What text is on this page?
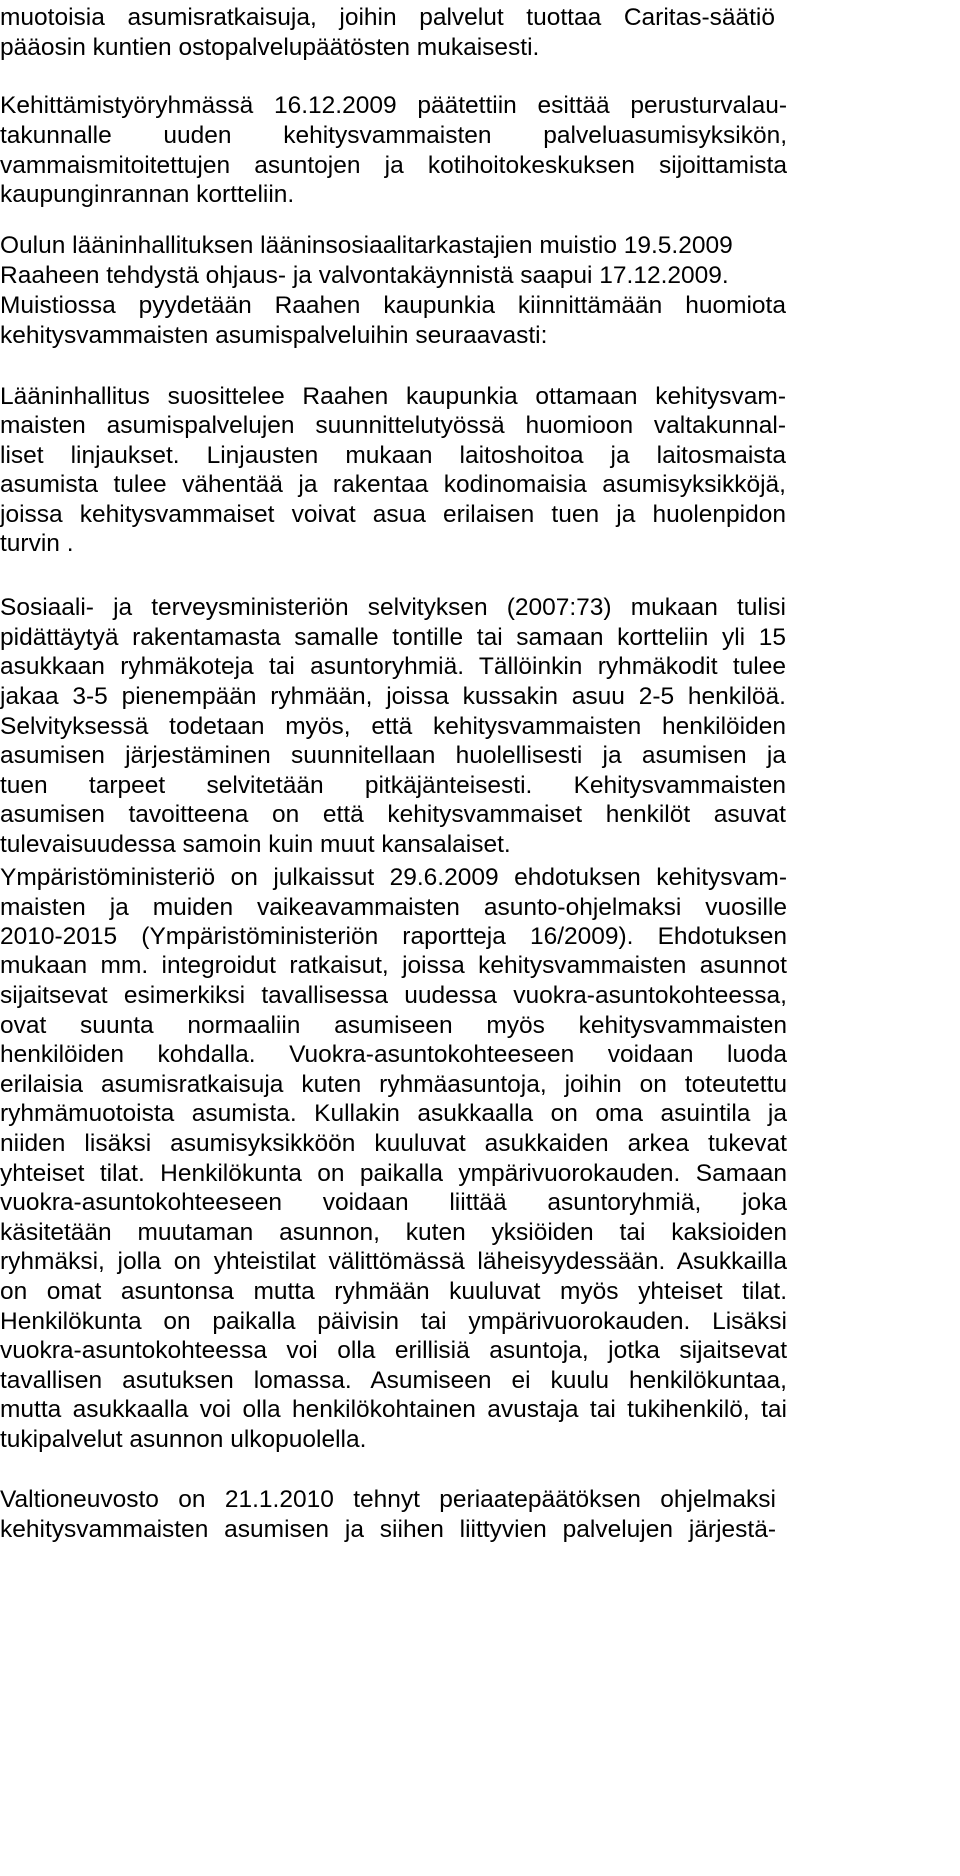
muotoisia asumisratkaisuja, joihin palvelut tuottaa Caritas-säätiö
pääosin kuntien ostopalvelupäätösten mukaisesti.
Kehittämistyöryhmässä 16.12.2009 päätettiin esittää perusturvalau-
takunnalle uuden kehitysvammaisten palveluasumisyksikön,
vammaismitoitettujen asuntojen ja kotihoitokeskuksen sijoittamista
kaupunginrannan kortteliin.
Oulun lääninhallituksen lääninsosiaalitarkastajien muistio 19.5.2009
Raaheen tehdystä ohjaus- ja valvontakäynnistä saapui 17.12.2009.
Muistiossa pyydetään Raahen kaupunkia kiinnittämään huomiota
kehitysvammaisten asumispalveluihin seuraavasti:
Lääninhallitus suosittelee Raahen kaupunkia ottamaan kehitysvam-
maisten asumispalvelujen suunnittelutyössä huomioon valtakunnal-
liset linjaukset. Linjausten mukaan laitoshoitoa ja laitosmaista
asumista tulee vähentää ja rakentaa kodinomaisia asumisyksikköjä,
joissa kehitysvammaiset voivat asua erilaisen tuen ja huolenpidon
turvin .
Sosiaali- ja terveysministeriön selvityksen (2007:73) mukaan tulisi
pidättäytyä rakentamasta samalle tontille tai samaan kortteliin yli 15
asukkaan ryhmäkoteja tai asuntoryhmiä. Tällöinkin ryhmäkodit tulee
jakaa 3-5 pienempään ryhmään, joissa kussakin asuu 2-5 henkilöä.
Selvityksessä todetaan myös, että kehitysvammaisten henkilöiden
asumisen järjestäminen suunnitellaan huolellisesti ja asumisen ja
tuen tarpeet selvitetään pitkäjänteisesti. Kehitysvammaisten
asumisen tavoitteena on että kehitysvammaiset henkilöt asuvat
tulevaisuudessa samoin kuin muut kansalaiset.
Ympäristöministeriö on julkaissut 29.6.2009 ehdotuksen kehitysvam-
maisten ja muiden vaikeavammaisten asunto-ohjelmaksi vuosille
2010-2015 (Ympäristöministeriön raportteja 16/2009). Ehdotuksen
mukaan mm. integroidut ratkaisut, joissa kehitysvammaisten asunnot
sijaitsevat esimerkiksi tavallisessa uudessa vuokra-asuntokohteessa,
ovat suunta normaaliin asumiseen myös kehitysvammaisten
henkilöiden kohdalla. Vuokra-asuntokohteeseen voidaan luoda
erilaisia asumisratkaisuja kuten ryhmäasuntoja, joihin on toteutettu
ryhmämuotoista asumista. Kullakin asukkaalla on oma asuintila ja
niiden lisäksi asumisyksikköön kuuluvat asukkaiden arkea tukevat
yhteiset tilat. Henkilökunta on paikalla ympärivuorokauden. Samaan
vuokra-asuntokohteeseen voidaan liittää asuntoryhmiä, joka
käsitetään muutaman asunnon, kuten yksiöiden tai kaksioiden
ryhmäksi, jolla on yhteistilat välittömässä läheisyydessään. Asukkailla
on omat asuntonsa mutta ryhmään kuuluvat myös yhteiset tilat.
Henkilökunta on paikalla päivisin tai ympärivuorokauden. Lisäksi
vuokra-asuntokohteessa voi olla erillisiä asuntoja, jotka sijaitsevat
tavallisen asutuksen lomassa. Asumiseen ei kuulu henkilökuntaa,
mutta asukkaalla voi olla henkilökohtainen avustaja tai tukihenkilö, tai
tukipalvelut asunnon ulkopuolella.
Valtioneuvosto on 21.1.2010 tehnyt periaatepäätöksen ohjelmaksi
kehitysvammaisten asumisen ja siihen liittyvien palvelujen järjestä-
